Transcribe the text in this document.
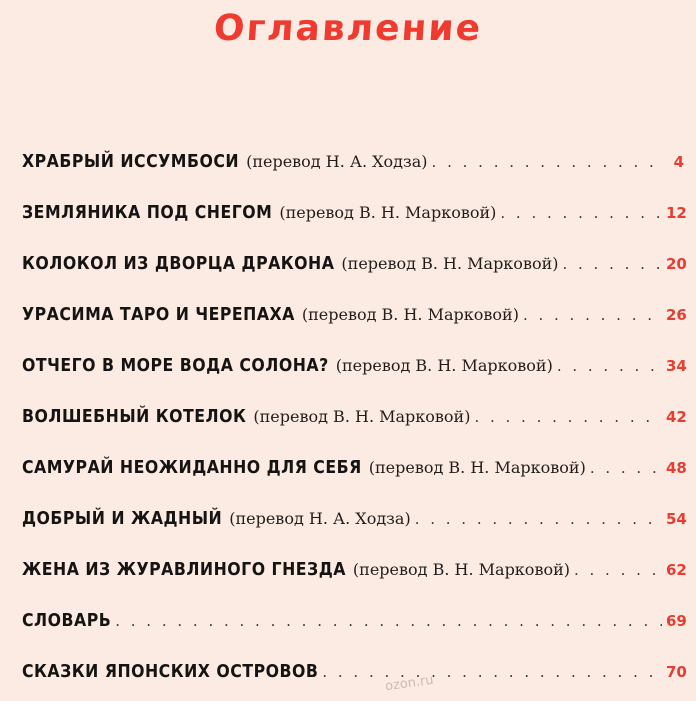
Оглавление
ХРАБРЫЙ ИССУМБОСИ (перевод Н. А. Ходза) . . .	4
ЗЕМЛЯНИКА ПОД СНЕГОМ (перевод В. Н. Марковой) . . .	12
КОЛОКОЛ ИЗ ДВОРЦА ДРАКОНА (перевод В. Н. Марковой) . . .	20
УРАСИМА ТАРО И ЧЕРЕПАХА (перевод В. Н. Марковой) . . .	26
ОТЧЕГО В МОРЕ ВОДА СОЛОНА? (перевод В. Н. Марковой) . . .	34
ВОЛШЕБНЫЙ КОТЕЛОК (перевод В. Н. Марковой) . . .	42
САМУРАЙ НЕОЖИДАННО ДЛЯ СЕБЯ (перевод В. Н. Марковой) . . .	48
ДОБРЫЙ И ЖАДНЫЙ (перевод Н. А. Ходза) . . .	54
ЖЕНА ИЗ ЖУРАВЛИНОГО ГНЕЗДА (перевод В. Н. Марковой) . . .	62
СЛОВАРЬ . . .	69
СКАЗКИ ЯПОНСКИХ ОСТРОВОВ . . .	70
ozon.ru
